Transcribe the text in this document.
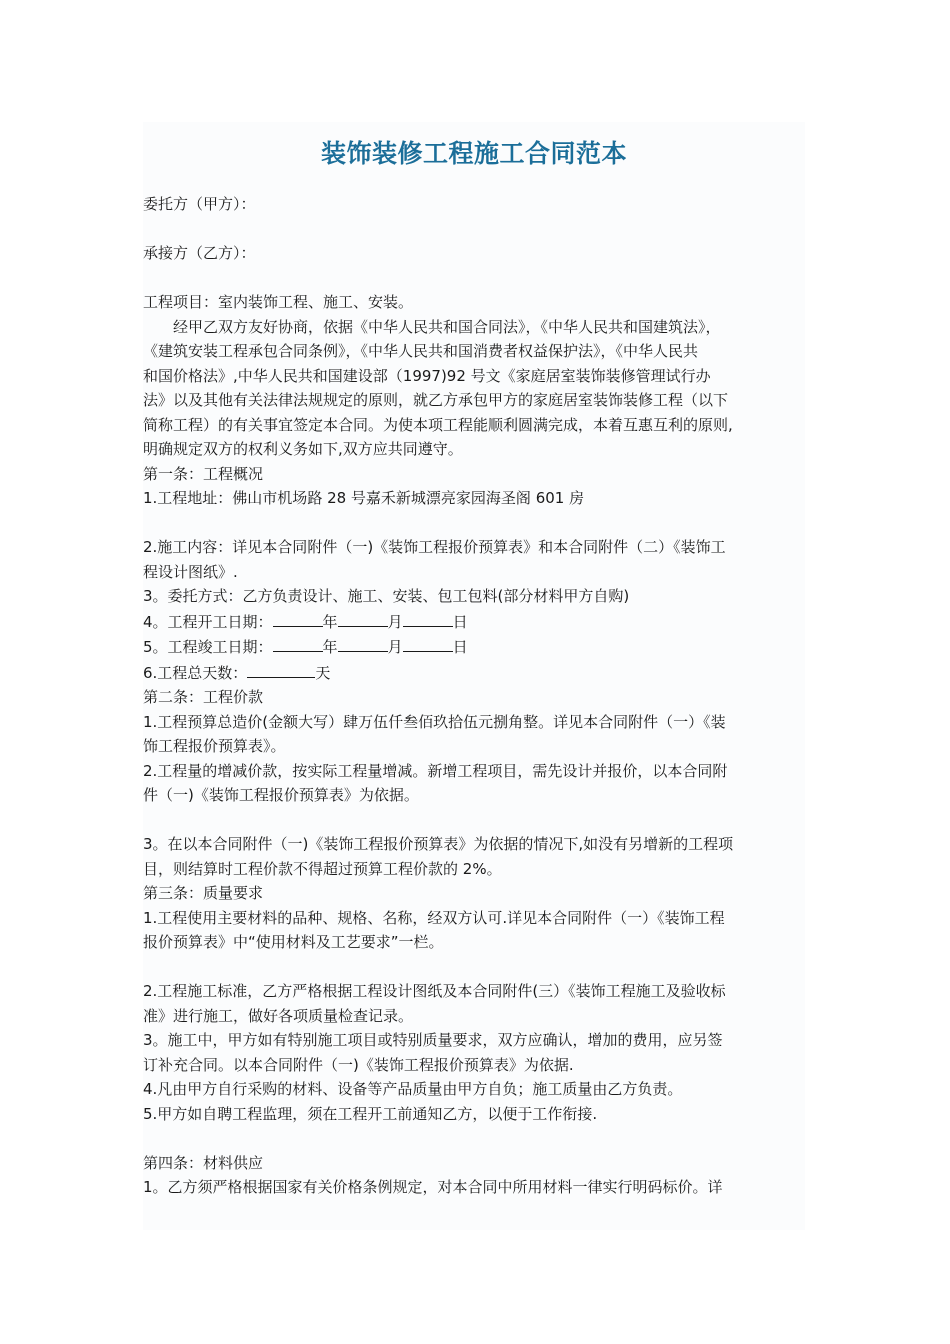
装饰装修工程施工合同范本

委托方（甲方）：

承接方（乙方）：

工程项目：室内装饰工程、施工、安装。

经甲乙双方友好协商，依据《中华人民共和国合同法》，《中华人民共和国建筑法》，

《建筑安装工程承包合同条例》，《中华人民共和国消费者权益保护法》，《中华人民共

和国价格法》,中华人民共和国建设部（1997)92 号文《家庭居室装饰装修管理试行办

法》以及其他有关法律法规规定的原则，就乙方承包甲方的家庭居室装饰装修工程（以下

简称工程）的有关事宜签定本合同。为使本项工程能顺利圆满完成，本着互惠互利的原则,

明确规定双方的权利义务如下,双方应共同遵守。

第一条：工程概况

1.工程地址：佛山市机场路 28 号嘉禾新城漂亮家园海圣阁 601 房

2.施工内容：详见本合同附件（一)《装饰工程报价预算表》和本合同附件（二）《装饰工

程设计图纸》.

3。委托方式：乙方负责设计、施工、安装、包工包料(部分材料甲方自购)

4。工程开工日期：	年	月	日

5。工程竣工日期：	年	月	日

6.工程总天数：	天

第二条：工程价款

1.工程预算总造价(金额大写）肆万伍仟叁佰玖拾伍元捌角整。详见本合同附件（一）《装

饰工程报价预算表》。

2.工程量的增减价款，按实际工程量增减。新增工程项目，需先设计并报价，以本合同附

件（一)《装饰工程报价预算表》为依据。

3。在以本合同附件（一)《装饰工程报价预算表》为依据的情况下,如没有另增新的工程项

目，则结算时工程价款不得超过预算工程价款的 2%。

第三条：质量要求

1.工程使用主要材料的品种、规格、名称，经双方认可.详见本合同附件（一）《装饰工程

报价预算表》中“使用材料及工艺要求”一栏。

2.工程施工标准，乙方严格根据工程设计图纸及本合同附件(三）《装饰工程施工及验收标

准》进行施工，做好各项质量检查记录。

3。施工中，甲方如有特别施工项目或特别质量要求，双方应确认，增加的费用，应另签

订补充合同。以本合同附件（一)《装饰工程报价预算表》为依据.

4.凡由甲方自行采购的材料、设备等产品质量由甲方自负；施工质量由乙方负责。

5.甲方如自聘工程监理，须在工程开工前通知乙方，以便于工作衔接.

第四条：材料供应

1。乙方须严格根据国家有关价格条例规定，对本合同中所用材料一律实行明码标价。详
